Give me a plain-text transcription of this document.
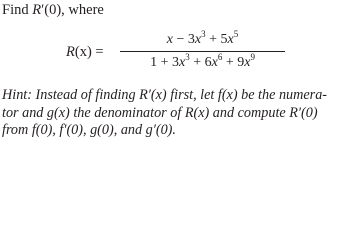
Find R′(0), where
R(x) =
$x - 3x^3 + 5x^5$
$1 + 3x^3 + 6x^6 + 9x^9$
Hint: Instead of finding R′(x) first, let f(x) be the numera-
tor and g(x) the denominator of R(x) and compute R′(0)
from f(0), f′(0), g(0), and g′(0).
